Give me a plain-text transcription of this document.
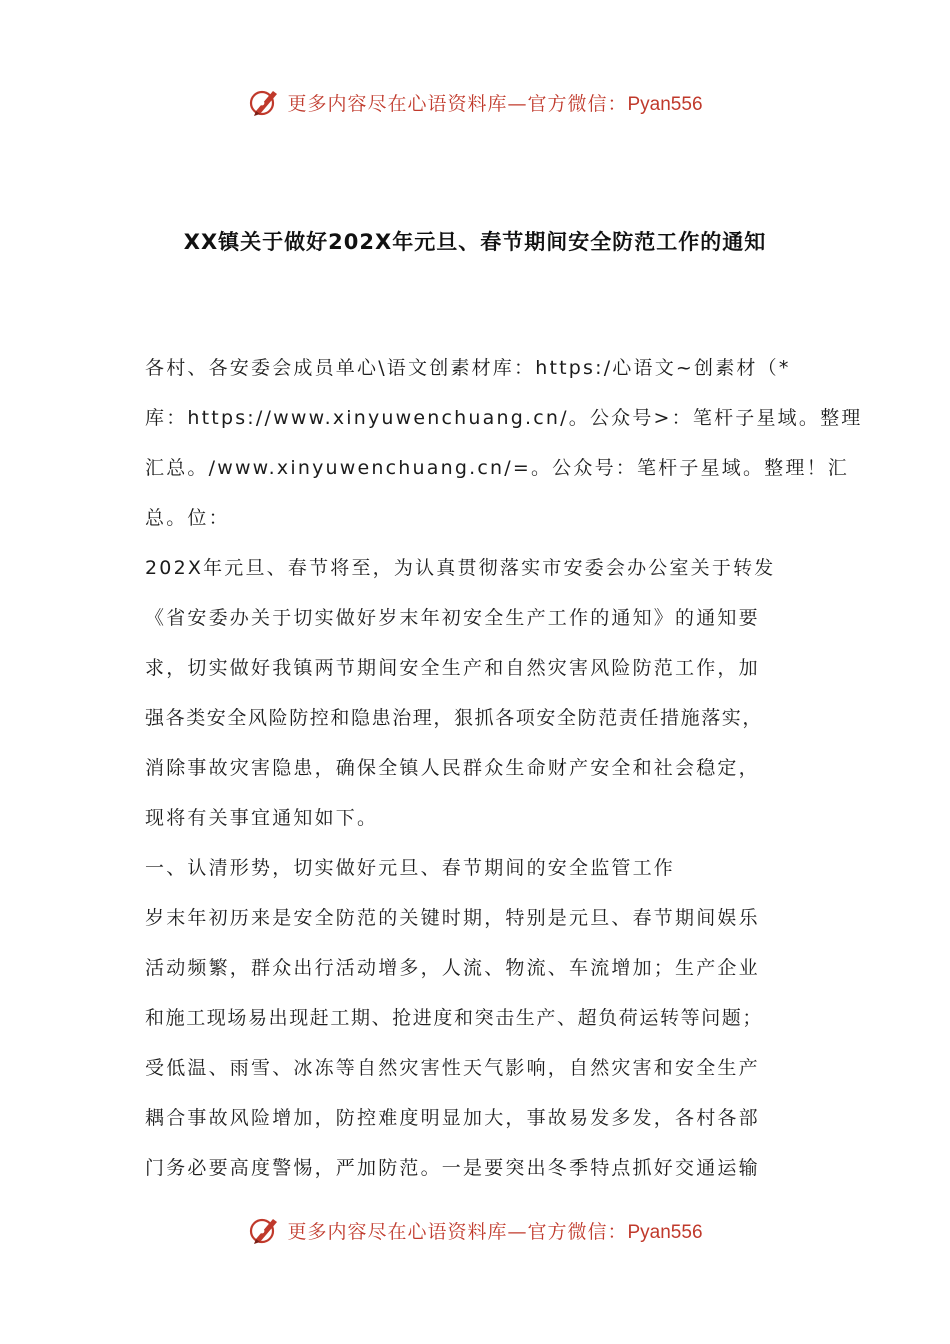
更多内容尽在心语资料库—官方微信：Pyan556
XX镇关于做好202X年元旦、春节期间安全防范工作的通知
各村、各安委会成员单心\语文创素材库：https:/心语文~创素材（*
库：https://www.xinyuwenchuang.cn/。公众号>：笔杆子星域。整理
汇总。/www.xinyuwenchuang.cn/=。公众号：笔杆子星域。整理！汇
总。位：
202X年元旦、春节将至，为认真贯彻落实市安委会办公室关于转发
《省安委办关于切实做好岁末年初安全生产工作的通知》的通知要
求，切实做好我镇两节期间安全生产和自然灾害风险防范工作，加
强各类安全风险防控和隐患治理，狠抓各项安全防范责任措施落实，
消除事故灾害隐患，确保全镇人民群众生命财产安全和社会稳定，
现将有关事宜通知如下。
一、认清形势，切实做好元旦、春节期间的安全监管工作
岁末年初历来是安全防范的关键时期，特别是元旦、春节期间娱乐
活动频繁，群众出行活动增多，人流、物流、车流增加；生产企业
和施工现场易出现赶工期、抢进度和突击生产、超负荷运转等问题；
受低温、雨雪、冰冻等自然灾害性天气影响，自然灾害和安全生产
耦合事故风险增加，防控难度明显加大，事故易发多发，各村各部
门务必要高度警惕，严加防范。一是要突出冬季特点抓好交通运输
更多内容尽在心语资料库—官方微信：Pyan556
